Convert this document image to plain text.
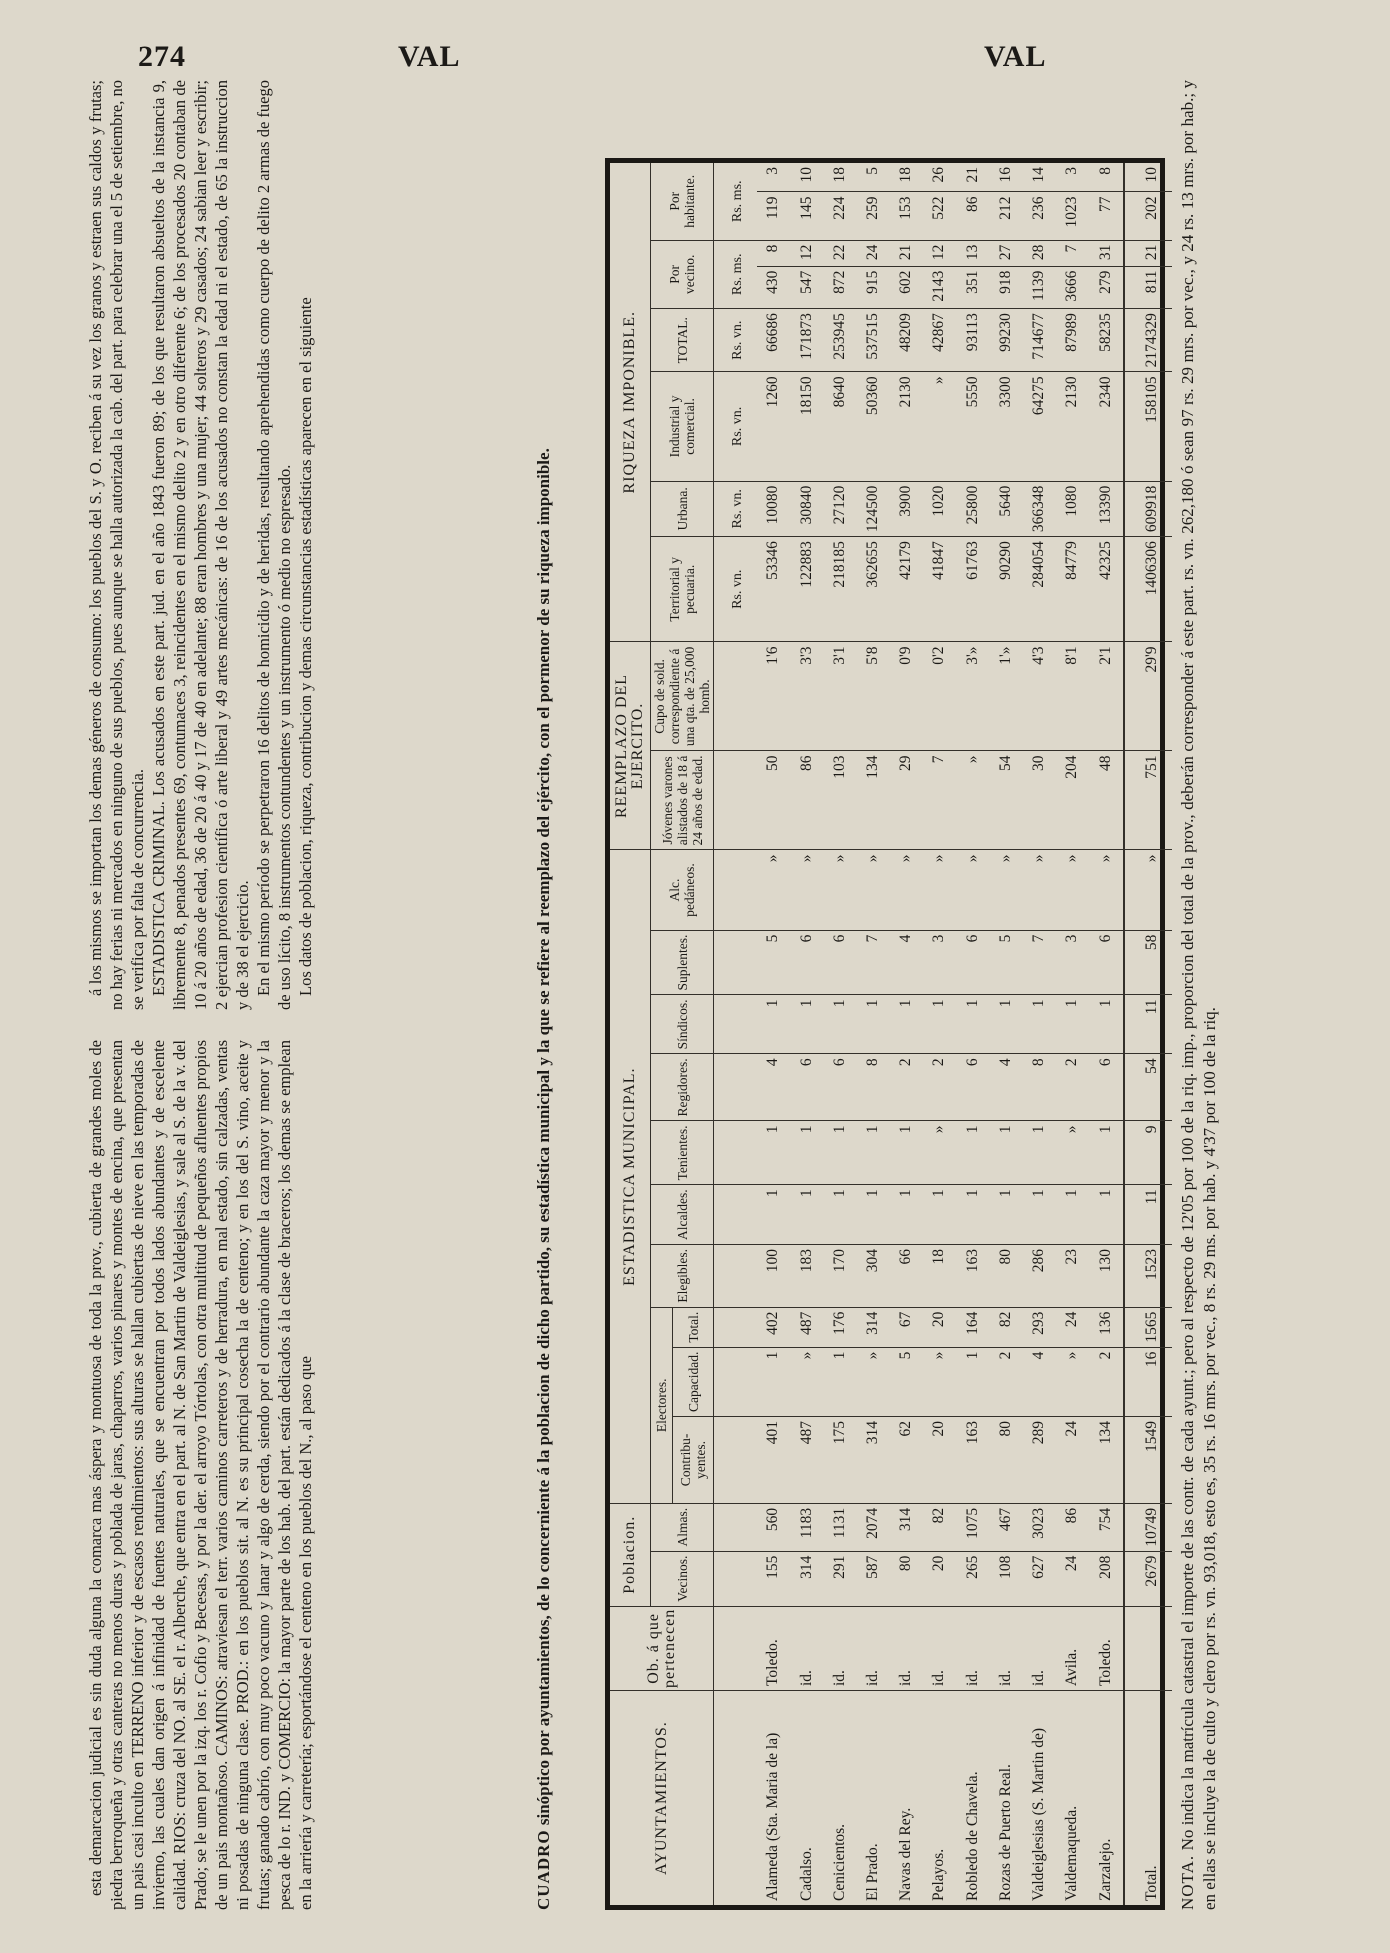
274	VAL	VAL

esta demarcacion judicial es sin duda alguna la comarca mas áspera y montuosa de toda la prov., cubierta de grandes moles de piedra berroqueña y otras canteras no menos duras y poblada de jaras, chaparros, varios pinares y montes de encina, que presentan un pais casi inculto en TERRENO inferior y de escasos rendimientos: sus alturas se hallan cubiertas de nieve en las temporadas de invierno, las cuales dan origen á infinidad de fuentes naturales, que se encuentran por todos lados abundantes y de escelente calidad. RIOS: cruza del NO. al SE. el r. Alberche, que entra en el part. al N. de San Martin de Valdeiglesias, y sale al S. de la v. del Prado; se le unen por la izq. los r. Cofio y Becesas, y por la der. el arroyo Tórtolas, con otra multitud de pequeños afluentes propios de un pais montañoso. CAMINOS: atraviesan el terr. varios caminos carreteros y de herradura, en mal estado, sin calzadas, ventas ni posadas de ninguna clase. PROD.: en los pueblos sit. al N. es su principal cosecha la de centeno; y en los del S. vino, aceite y frutas; ganado cabrío, con muy poco vacuno y lanar y algo de cerda, siendo por el contrario abundante la caza mayor y menor y la pesca de lo r. IND. y COMERCIO: la mayor parte de los hab. del part. están dedicados á la clase de braceros; los demas se emplean en la arriería y carretería; esportándose el centeno en los pueblos del N., al paso que

á los mismos se importan los demas géneros de consumo: los pueblos del S. y O. reciben á su vez los granos y estraen sus caldos y frutas; no hay ferias ni mercados en ninguno de sus pueblos, pues aunque se halla autorizada la cab. del part. para celebrar una el 5 de setiembre, no se verifica por falta de concurrencia. ESTADISTICA CRIMINAL. Los acusados en este part. jud. en el año 1843 fueron 89; de los que resultaron absueltos de la instancia 9, libremente 8, penados presentes 69, contumaces 3, reincidentes en el mismo delito 2 y en otro diferente 6; de los procesados 20 contaban de 10 á 20 años de edad, 36 de 20 á 40 y 17 de 40 en adelante; 88 eran hombres y una mujer; 44 solteros y 29 casados; 24 sabian leer y escribir; 2 ejercian profesion científica ó arte liberal y 49 artes mecánicas: de 16 de los acusados no constan la edad ni el estado, de 65 la instruccion y de 38 el ejercicio. En el mismo período se perpetraron 16 delitos de homicidio y de heridas, resultando aprehendidas como cuerpo de delito 2 armas de fuego de uso lícito, 8 instrumentos contundentes y un instrumento ó medio no espresado. Los datos de poblacion, riqueza, contribucion y demas circunstancias estadísticas aparecen en el siguiente

CUADRO sinóptico por ayuntamientos, de lo concerniente á la poblacion de dicho partido, su estadística municipal y la que se refiere al reemplazo del ejército, con el pormenor de su riqueza imponible.	AYUNTAMIENTOS.	Ob. á que pertenecen	Poblacion.		ESTADISTICA MUNICIPAL.										REEMPLAZO DEL EJERCITO.		RIQUEZA IMPONIBLE.							
		Vecinos.	Almas.	Electores.			Elegibles.	Alcaldes.	Tenientes.	Regidores.	Síndicos.	Suplentes.	Alc. pedáneos.	Jóvenes varones alistados de 18 á 24 años de edad.	Cupo de sold. correspondiente á una qta. de 25,000 homb.	Territorial y pecuaria.	Urbana.	Industrial y comercial.	TOTAL.	Por vecino.		Por habitante.	
				Contribu-yentes.	Capacidad.	Total.																	
																Rs. vn.	Rs. vn.	Rs. vn.	Rs. vn.	Rs. ms.		Rs. ms.	
Alameda (Sta. Maria de la)	Toledo.	155	560	401	1	402	100	1	1	4	1	5	»	50	1'6	53346	10080	1260	66686	430	8	119	3
Cadalso.	id.	314	1183	487	»	487	183	1	1	6	1	6	»	86	3'3	122883	30840	18150	171873	547	12	145	10
Cenicientos.	id.	291	1131	175	1	176	170	1	1	6	1	6	»	103	3'1	218185	27120	8640	253945	872	22	224	18
El Prado.	id.	587	2074	314	»	314	304	1	1	8	1	7	»	134	5'8	362655	124500	50360	537515	915	24	259	5
Navas del Rey.	id.	80	314	62	5	67	66	1	1	2	1	4	»	29	0'9	42179	3900	2130	48209	602	21	153	18
Pelayos.	id.	20	82	20	»	20	18	1	»	2	1	3	»	7	0'2	41847	1020	»	42867	2143	12	522	26
Robledo de Chavela.	id.	265	1075	163	1	164	163	1	1	6	1	6	»	»	3'»	61763	25800	5550	93113	351	13	86	21
Rozas de Puerto Real.	id.	108	467	80	2	82	80	1	1	4	1	5	»	54	1'»	90290	5640	3300	99230	918	27	212	16
Valdeiglesias (S. Martin de)	id.	627	3023	289	4	293	286	1	1	8	1	7	»	30	4'3	284054	366348	64275	714677	1139	28	236	14
Valdemaqueda.	Avila.	24	86	24	»	24	23	1	»	2	1	3	»	204	8'1	84779	1080	2130	87989	3666	7	1023	3
Zarzalejo.	Toledo.	208	754	134	2	136	130	1	1	6	1	6	»	48	2'1	42325	13390	2340	58235	279	31	77	8
Total.		2679	10749	1549	16	1565	1523	11	9	54	11	58	»	751	29'9	1406306	609918	158105	2174329	811	21	202	10
NOTA. No indica la matrícula catastral el importe de las contr. de cada ayunt.; pero al respecto de 12'05 por 100 de la riq. imp., proporcion del total de la prov., deberán corresponder á este part. rs. vn. 262,180 ó sean 97 rs. 29 mrs. por vec., y 24 rs. 13 mrs. por hab.; y en ellas se incluye la de culto y clero por rs. vn. 93,018, esto es, 35 rs. 16 mrs. por vec., 8 rs. 29 ms. por hab. y 4'37 por 100 de la riq.
